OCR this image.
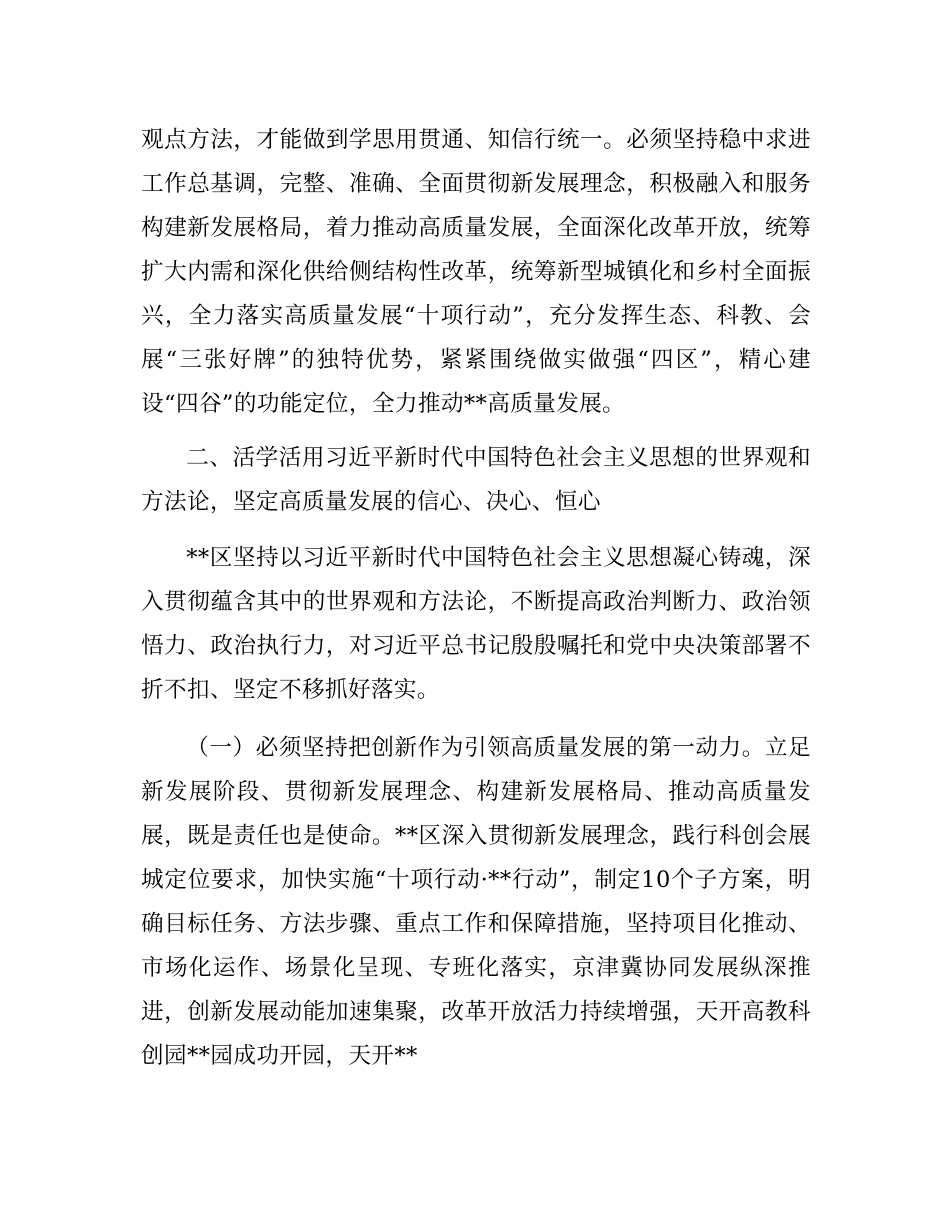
观点方法，才能做到学思用贯通、知信行统一。必须坚持稳中求进工作总基调，完整、准确、全面贯彻新发展理念，积极融入和服务构建新发展格局，着力推动高质量发展，全面深化改革开放，统筹扩大内需和深化供给侧结构性改革，统筹新型城镇化和乡村全面振兴，全力落实高质量发展“十项行动”，充分发挥生态、科教、会展“三张好牌”的独特优势，紧紧围绕做实做强“四区”，精心建设“四谷”的功能定位，全力推动**高质量发展。

二、活学活用习近平新时代中国特色社会主义思想的世界观和方法论，坚定高质量发展的信心、决心、恒心

**区坚持以习近平新时代中国特色社会主义思想凝心铸魂，深入贯彻蕴含其中的世界观和方法论，不断提高政治判断力、政治领悟力、政治执行力，对习近平总书记殷殷嘱托和党中央决策部署不折不扣、坚定不移抓好落实。

（一）必须坚持把创新作为引领高质量发展的第一动力。立足新发展阶段、贯彻新发展理念、构建新发展格局、推动高质量发展，既是责任也是使命。**区深入贯彻新发展理念，践行科创会展城定位要求，加快实施“十项行动·**行动”，制定10个子方案，明确目标任务、方法步骤、重点工作和保障措施，坚持项目化推动、市场化运作、场景化呈现、专班化落实，京津冀协同发展纵深推进，创新发展动能加速集聚，改革开放活力持续增强，天开高教科创园**园成功开园，天开**
